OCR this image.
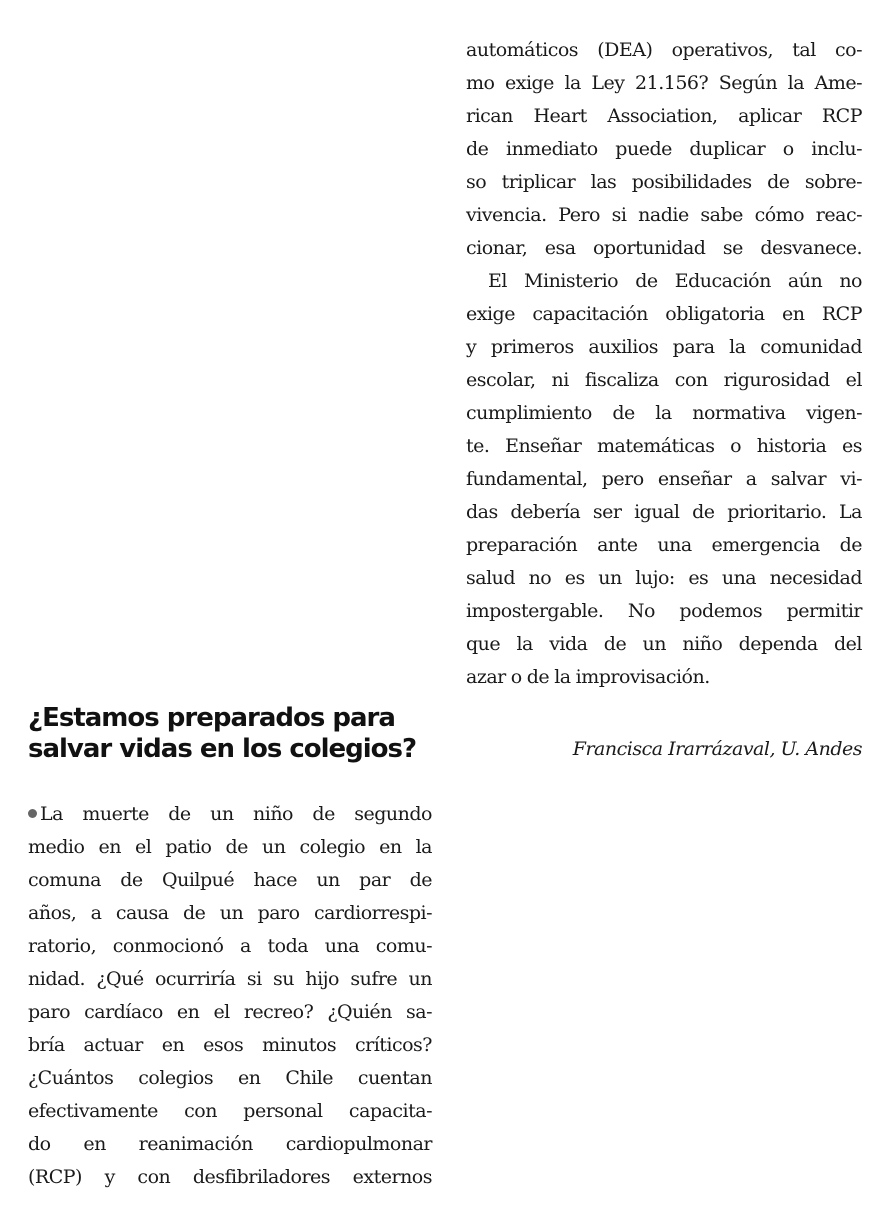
automáticos (DEA) operativos, tal co-
mo exige la Ley 21.156? Según la Ame-
rican Heart Association, aplicar RCP
de inmediato puede duplicar o inclu-
so triplicar las posibilidades de sobre-
vivencia. Pero si nadie sabe cómo reac-
cionar, esa oportunidad se desvanece.
El Ministerio de Educación aún no
exige capacitación obligatoria en RCP
y primeros auxilios para la comunidad
escolar, ni fiscaliza con rigurosidad el
cumplimiento de la normativa vigen-
te. Enseñar matemáticas o historia es
fundamental, pero enseñar a salvar vi-
das debería ser igual de prioritario. La
preparación ante una emergencia de
salud no es un lujo: es una necesidad
impostergable. No podemos permitir
que la vida de un niño dependa del
azar o de la improvisación.
¿Estamos preparados para
salvar vidas en los colegios?	Francisca Irarrázaval, U. Andes
La muerte de un niño de segundo
medio en el patio de un colegio en la
comuna de Quilpué hace un par de
años, a causa de un paro cardiorrespi-
ratorio, conmocionó a toda una comu-
nidad. ¿Qué ocurriría si su hijo sufre un
paro cardíaco en el recreo? ¿Quién sa-
bría actuar en esos minutos críticos?
¿Cuántos colegios en Chile cuentan
efectivamente con personal capacita-
do en reanimación cardiopulmonar
(RCP) y con desfibriladores externos
